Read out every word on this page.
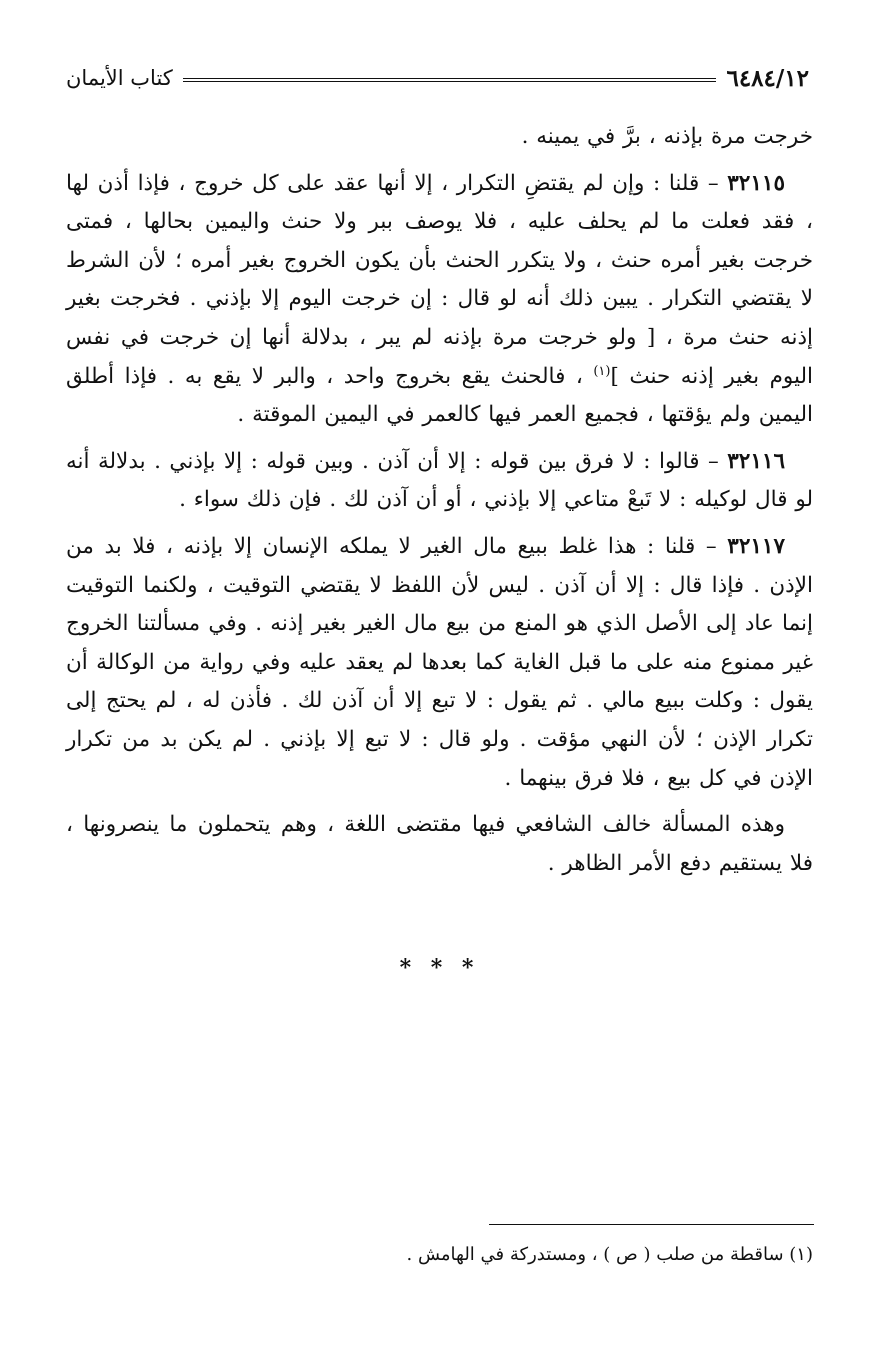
٦٤٨٤/١٢
كتاب الأيمان

خرجت مرة بإذنه ، برَّ في يمينه .

٣٢١١٥ – قلنا : وإن لم يقتضِ التكرار ، إلا أنها عقد على كل خروج ، فإذا أذن لها ، فقد فعلت ما لم يحلف عليه ، فلا يوصف ببر ولا حنث واليمين بحالها ، فمتى خرجت بغير أمره حنث ، ولا يتكرر الحنث بأن يكون الخروج بغير أمره ؛ لأن الشرط لا يقتضي التكرار . يبين ذلك أنه لو قال : إن خرجت اليوم إلا بإذني . فخرجت بغير إذنه حنث مرة ، [ ولو خرجت مرة بإذنه لم يبر ، بدلالة أنها إن خرجت في نفس اليوم بغير إذنه حنث ]$^{(١)}$ ، فالحنث يقع بخروج واحد ، والبر لا يقع به . فإذا أطلق اليمين ولم يؤقتها ، فجميع العمر فيها كالعمر في اليمين الموقتة .

٣٢١١٦ – قالوا : لا فرق بين قوله : إلا أن آذن . وبين قوله : إلا بإذني . بدلالة أنه لو قال لوكيله : لا تَبعْ متاعي إلا بإذني ، أو أن آذن لك . فإن ذلك سواء .

٣٢١١٧ – قلنا : هذا غلط ببيع مال الغير لا يملكه الإنسان إلا بإذنه ، فلا بد من الإذن . فإذا قال : إلا أن آذن . ليس لأن اللفظ لا يقتضي التوقيت ، ولكنما التوقيت إنما عاد إلى الأصل الذي هو المنع من بيع مال الغير بغير إذنه . وفي مسألتنا الخروج غير ممنوع منه على ما قبل الغاية كما بعدها لم يعقد عليه وفي رواية من الوكالة أن يقول : وكلت ببيع مالي . ثم يقول : لا تبع إلا أن آذن لك . فأذن له ، لم يحتج إلى تكرار الإذن ؛ لأن النهي مؤقت . ولو قال : لا تبع إلا بإذني . لم يكن بد من تكرار الإذن في كل بيع ، فلا فرق بينهما .

وهذه المسألة خالف الشافعي فيها مقتضى اللغة ، وهم يتحملون ما ينصرونها ، فلا يستقيم دفع الأمر الظاهر .

* * *
(١) ساقطة من صلب ( ص ) ، ومستدركة في الهامش .
